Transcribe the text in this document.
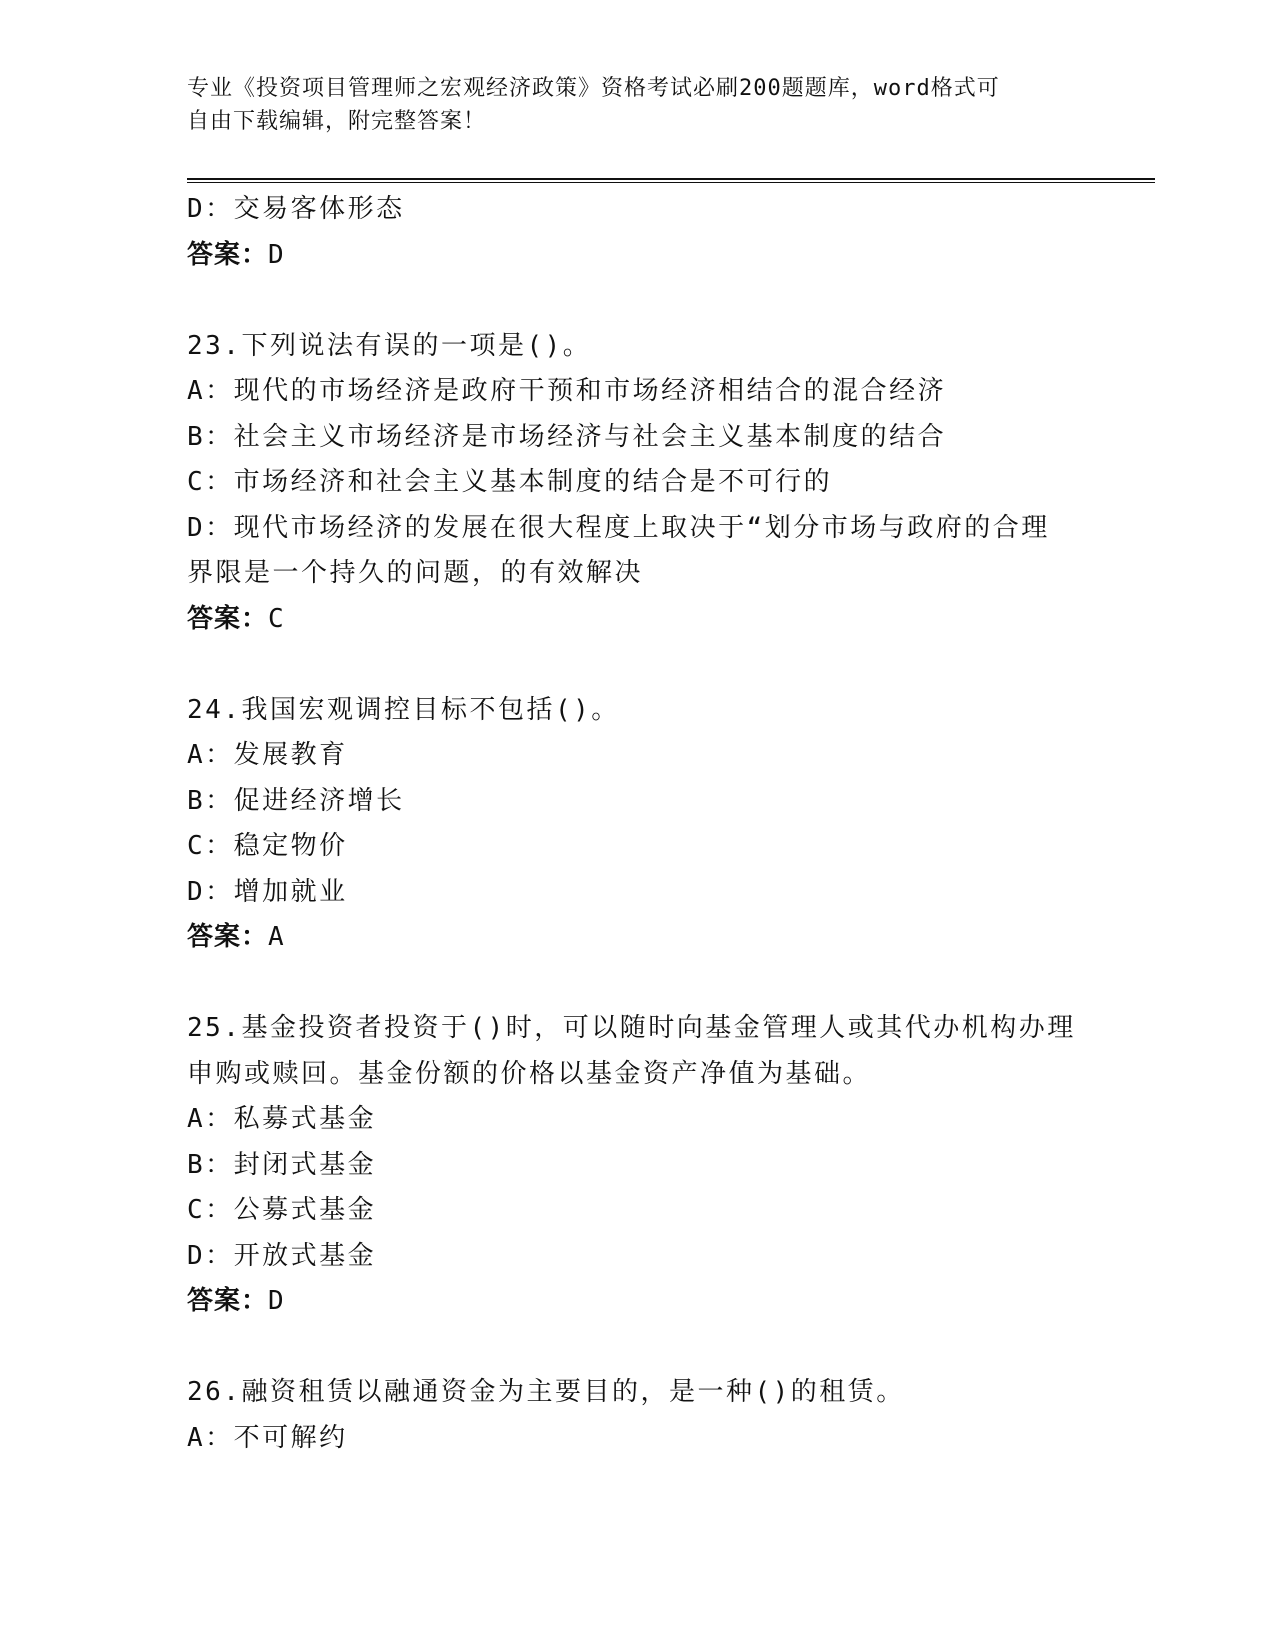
专业《投资项目管理师之宏观经济政策》资格考试必刷200题题库，word格式可
自由下载编辑，附完整答案！
D：交易客体形态
答案：D
23.下列说法有误的一项是()。
A：现代的市场经济是政府干预和市场经济相结合的混合经济
B：社会主义市场经济是市场经济与社会主义基本制度的结合
C：市场经济和社会主义基本制度的结合是不可行的
D：现代市场经济的发展在很大程度上取决于“划分市场与政府的合理
界限是一个持久的问题，的有效解决
答案：C
24.我国宏观调控目标不包括()。
A：发展教育
B：促进经济增长
C：稳定物价
D：增加就业
答案：A
25.基金投资者投资于()时，可以随时向基金管理人或其代办机构办理
申购或赎回。基金份额的价格以基金资产净值为基础。
A：私募式基金
B：封闭式基金
C：公募式基金
D：开放式基金
答案：D
26.融资租赁以融通资金为主要目的，是一种()的租赁。
A：不可解约
